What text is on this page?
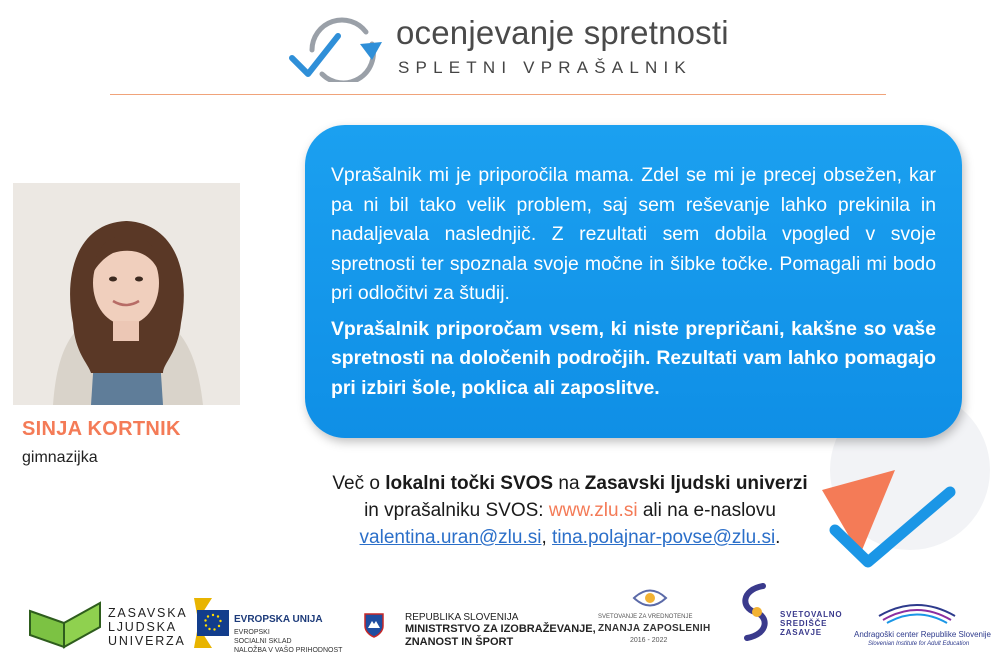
ocenjevanje spretnosti
SPLETNI VPRAŠALNIK
SINJA KORTNIK
gimnazijka

Vprašalnik mi je priporočila mama. Zdel se mi je precej obsežen, kar pa ni bil tako velik problem, saj sem reševanje lahko prekinila in nadaljevala naslednjič. Z rezultati sem dobila vpogled v svoje spretnosti ter spoznala svoje močne in šibke točke. Pomagali mi bodo pri odločitvi za študij.

Vprašalnik priporočam vsem, ki niste prepričani, kakšne so vaše spretnosti na določenih področjih. Rezultati vam lahko pomagajo pri izbiri šole, poklica ali zaposlitve.

Več o lokalni točki SVOS na Zasavski ljudski univerzi
in vprašalniku SVOS: www.zlu.si ali na e-naslovu
valentina.uran@zlu.si, tina.polajnar-povse@zlu.si.
ZASAVSKA
LJUDSKA
UNIVERZA
EVROPSKA UNIJA
EVROPSKI
SOCIALNI SKLAD
NALOŽBA V VAŠO PRIHODNOST
REPUBLIKA SLOVENIJA
MINISTRSTVO ZA IZOBRAŽEVANJE,
ZNANOST IN ŠPORT
SVETOVANJE ZA VREDNOTENJE
ZNANJA ZAPOSLENIH
2016 - 2022
SVETOVALNO
SREDIŠČE
ZASAVJE	Andragoški center Republike Slovenije
Slovenian Institute for Adult Education
